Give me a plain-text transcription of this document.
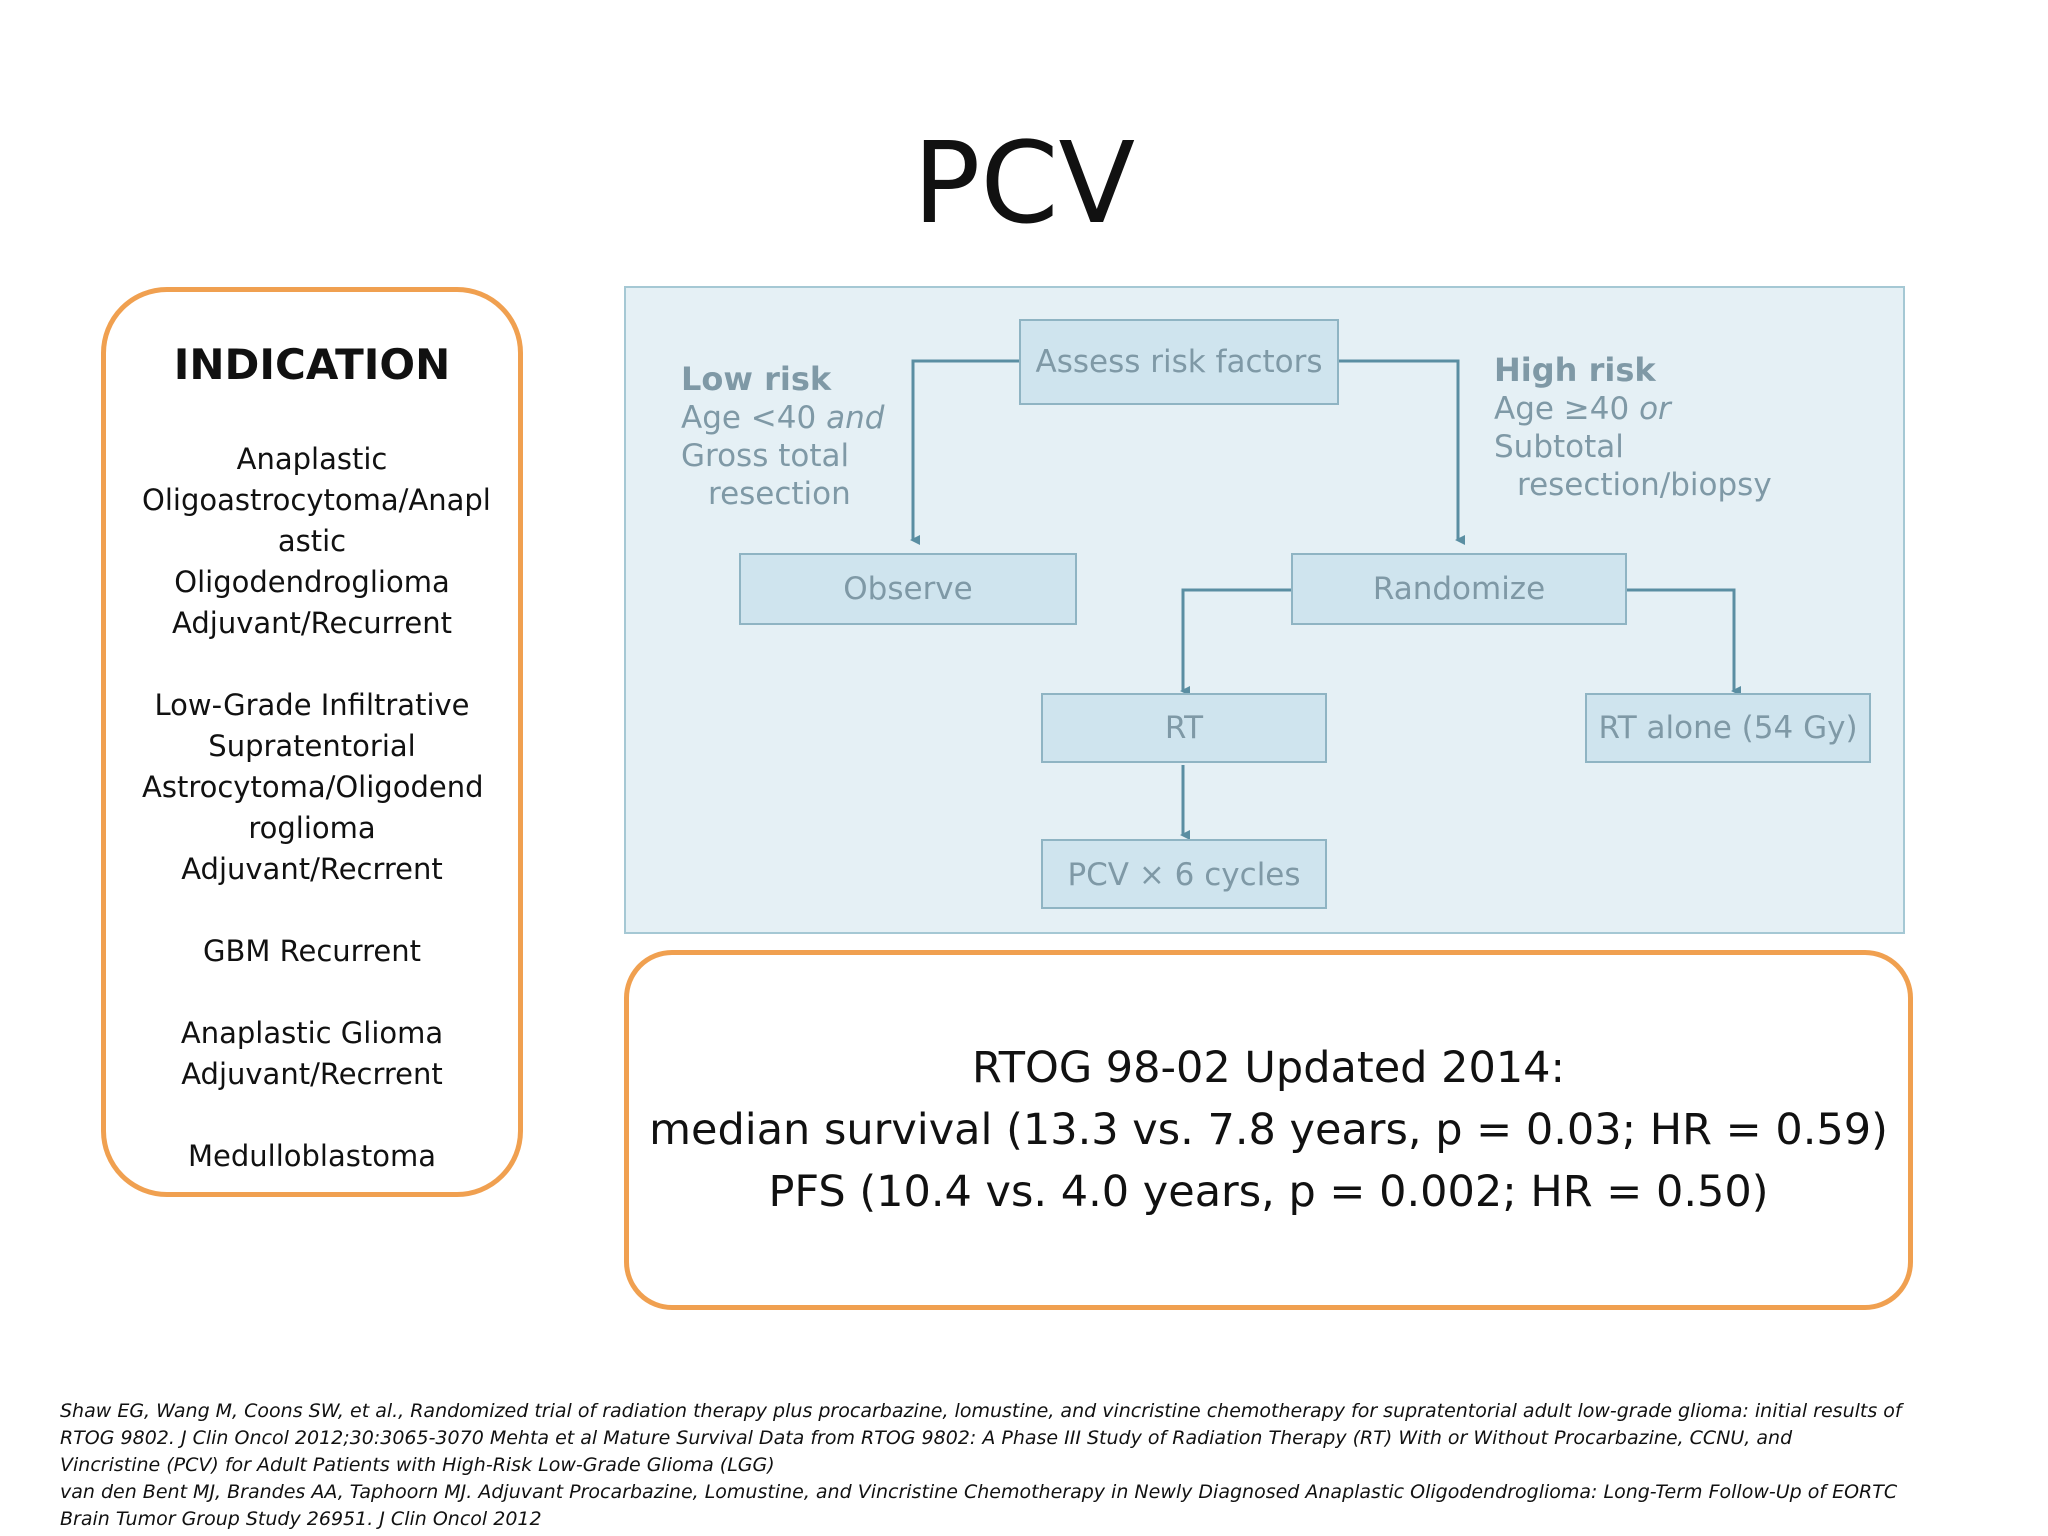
PCV
INDICATION
Anaplastic
Oligoastrocytoma/Anapl
astic Oligodendroglioma
Adjuvant/Recurrent
Low-Grade Infiltrative
Supratentorial
Astrocytoma/Oligodend
roglioma
Adjuvant/Recrrent
GBM Recurrent
Anaplastic Glioma
Adjuvant/Recrrent
Medulloblastoma
Assess risk factors
Observe	Randomize
RT	RT alone (54 Gy)
PCV × 6 cycles
Low risk
Age <40 and
Gross total
resection
High risk
Age ≥40 or
Subtotal
resection/biopsy
RTOG 98-02 Updated 2014:
median survival (13.3 vs. 7.8 years, p = 0.03; HR = 0.59)
PFS (10.4 vs. 4.0 years, p = 0.002; HR = 0.50)
Shaw EG, Wang M, Coons SW, et al., Randomized trial of radiation therapy plus procarbazine, lomustine, and vincristine chemotherapy for supratentorial adult low-grade glioma: initial results of
RTOG 9802. J Clin Oncol 2012;30:3065-3070 Mehta et al Mature Survival Data from RTOG 9802: A Phase III Study of Radiation Therapy (RT) With or Without Procarbazine, CCNU, and
Vincristine (PCV) for Adult Patients with High-Risk Low-Grade Glioma (LGG)
van den Bent MJ, Brandes AA, Taphoorn MJ. Adjuvant Procarbazine, Lomustine, and Vincristine Chemotherapy in Newly Diagnosed Anaplastic Oligodendroglioma: Long-Term Follow-Up of EORTC
Brain Tumor Group Study 26951. J Clin Oncol 2012
